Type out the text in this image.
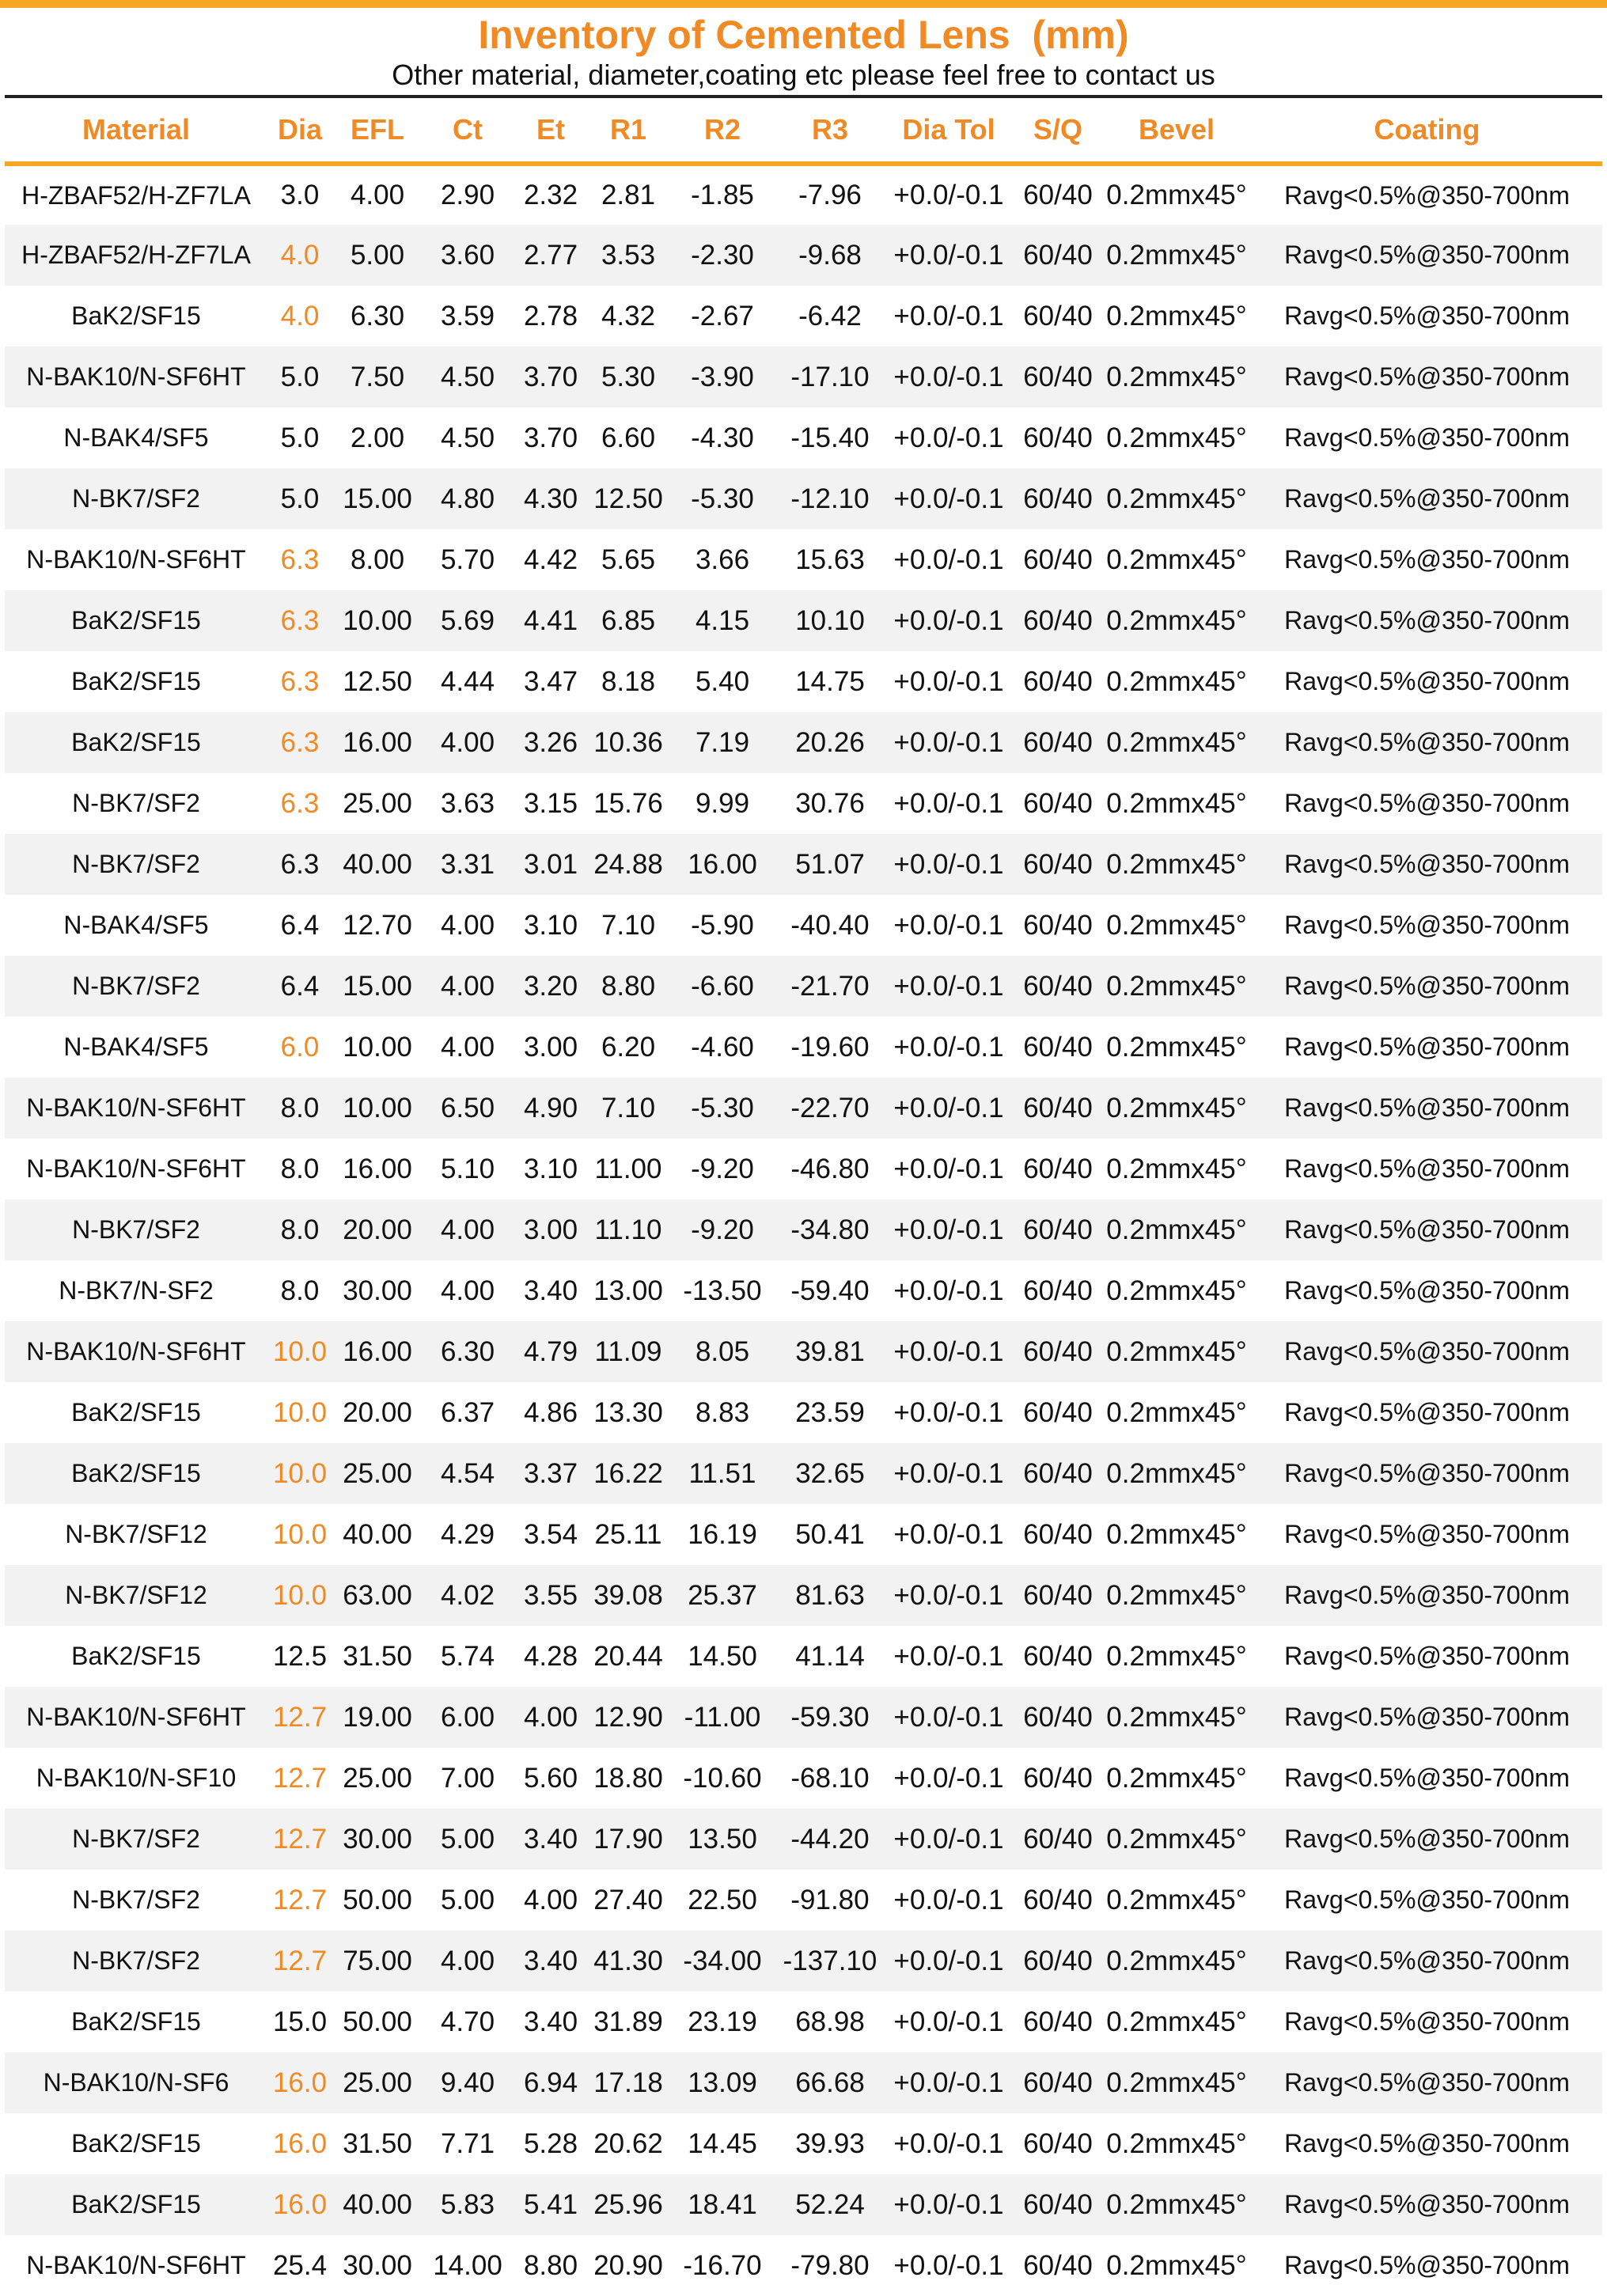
Inventory of Cemented Lens  (mm)
Other material, diameter,coating etc please feel free to contact us
Material	Dia	EFL	Ct	Et	R1	R2	R3	Dia Tol	S/Q	Bevel	Coating
H-ZBAF52/H-ZF7LA	3.0	4.00	2.90	2.32	2.81	-1.85	-7.96	+0.0/-0.1	60/40	0.2mmx45°	Ravg<0.5%@350-700nm
H-ZBAF52/H-ZF7LA	4.0	5.00	3.60	2.77	3.53	-2.30	-9.68	+0.0/-0.1	60/40	0.2mmx45°	Ravg<0.5%@350-700nm
BaK2/SF15	4.0	6.30	3.59	2.78	4.32	-2.67	-6.42	+0.0/-0.1	60/40	0.2mmx45°	Ravg<0.5%@350-700nm
N-BAK10/N-SF6HT	5.0	7.50	4.50	3.70	5.30	-3.90	-17.10	+0.0/-0.1	60/40	0.2mmx45°	Ravg<0.5%@350-700nm
N-BAK4/SF5	5.0	2.00	4.50	3.70	6.60	-4.30	-15.40	+0.0/-0.1	60/40	0.2mmx45°	Ravg<0.5%@350-700nm
N-BK7/SF2	5.0	15.00	4.80	4.30	12.50	-5.30	-12.10	+0.0/-0.1	60/40	0.2mmx45°	Ravg<0.5%@350-700nm
N-BAK10/N-SF6HT	6.3	8.00	5.70	4.42	5.65	3.66	15.63	+0.0/-0.1	60/40	0.2mmx45°	Ravg<0.5%@350-700nm
BaK2/SF15	6.3	10.00	5.69	4.41	6.85	4.15	10.10	+0.0/-0.1	60/40	0.2mmx45°	Ravg<0.5%@350-700nm
BaK2/SF15	6.3	12.50	4.44	3.47	8.18	5.40	14.75	+0.0/-0.1	60/40	0.2mmx45°	Ravg<0.5%@350-700nm
BaK2/SF15	6.3	16.00	4.00	3.26	10.36	7.19	20.26	+0.0/-0.1	60/40	0.2mmx45°	Ravg<0.5%@350-700nm
N-BK7/SF2	6.3	25.00	3.63	3.15	15.76	9.99	30.76	+0.0/-0.1	60/40	0.2mmx45°	Ravg<0.5%@350-700nm
N-BK7/SF2	6.3	40.00	3.31	3.01	24.88	16.00	51.07	+0.0/-0.1	60/40	0.2mmx45°	Ravg<0.5%@350-700nm
N-BAK4/SF5	6.4	12.70	4.00	3.10	7.10	-5.90	-40.40	+0.0/-0.1	60/40	0.2mmx45°	Ravg<0.5%@350-700nm
N-BK7/SF2	6.4	15.00	4.00	3.20	8.80	-6.60	-21.70	+0.0/-0.1	60/40	0.2mmx45°	Ravg<0.5%@350-700nm
N-BAK4/SF5	6.0	10.00	4.00	3.00	6.20	-4.60	-19.60	+0.0/-0.1	60/40	0.2mmx45°	Ravg<0.5%@350-700nm
N-BAK10/N-SF6HT	8.0	10.00	6.50	4.90	7.10	-5.30	-22.70	+0.0/-0.1	60/40	0.2mmx45°	Ravg<0.5%@350-700nm
N-BAK10/N-SF6HT	8.0	16.00	5.10	3.10	11.00	-9.20	-46.80	+0.0/-0.1	60/40	0.2mmx45°	Ravg<0.5%@350-700nm
N-BK7/SF2	8.0	20.00	4.00	3.00	11.10	-9.20	-34.80	+0.0/-0.1	60/40	0.2mmx45°	Ravg<0.5%@350-700nm
N-BK7/N-SF2	8.0	30.00	4.00	3.40	13.00	-13.50	-59.40	+0.0/-0.1	60/40	0.2mmx45°	Ravg<0.5%@350-700nm
N-BAK10/N-SF6HT	10.0	16.00	6.30	4.79	11.09	8.05	39.81	+0.0/-0.1	60/40	0.2mmx45°	Ravg<0.5%@350-700nm
BaK2/SF15	10.0	20.00	6.37	4.86	13.30	8.83	23.59	+0.0/-0.1	60/40	0.2mmx45°	Ravg<0.5%@350-700nm
BaK2/SF15	10.0	25.00	4.54	3.37	16.22	11.51	32.65	+0.0/-0.1	60/40	0.2mmx45°	Ravg<0.5%@350-700nm
N-BK7/SF12	10.0	40.00	4.29	3.54	25.11	16.19	50.41	+0.0/-0.1	60/40	0.2mmx45°	Ravg<0.5%@350-700nm
N-BK7/SF12	10.0	63.00	4.02	3.55	39.08	25.37	81.63	+0.0/-0.1	60/40	0.2mmx45°	Ravg<0.5%@350-700nm
BaK2/SF15	12.5	31.50	5.74	4.28	20.44	14.50	41.14	+0.0/-0.1	60/40	0.2mmx45°	Ravg<0.5%@350-700nm
N-BAK10/N-SF6HT	12.7	19.00	6.00	4.00	12.90	-11.00	-59.30	+0.0/-0.1	60/40	0.2mmx45°	Ravg<0.5%@350-700nm
N-BAK10/N-SF10	12.7	25.00	7.00	5.60	18.80	-10.60	-68.10	+0.0/-0.1	60/40	0.2mmx45°	Ravg<0.5%@350-700nm
N-BK7/SF2	12.7	30.00	5.00	3.40	17.90	13.50	-44.20	+0.0/-0.1	60/40	0.2mmx45°	Ravg<0.5%@350-700nm
N-BK7/SF2	12.7	50.00	5.00	4.00	27.40	22.50	-91.80	+0.0/-0.1	60/40	0.2mmx45°	Ravg<0.5%@350-700nm
N-BK7/SF2	12.7	75.00	4.00	3.40	41.30	-34.00	-137.10	+0.0/-0.1	60/40	0.2mmx45°	Ravg<0.5%@350-700nm
BaK2/SF15	15.0	50.00	4.70	3.40	31.89	23.19	68.98	+0.0/-0.1	60/40	0.2mmx45°	Ravg<0.5%@350-700nm
N-BAK10/N-SF6	16.0	25.00	9.40	6.94	17.18	13.09	66.68	+0.0/-0.1	60/40	0.2mmx45°	Ravg<0.5%@350-700nm
BaK2/SF15	16.0	31.50	7.71	5.28	20.62	14.45	39.93	+0.0/-0.1	60/40	0.2mmx45°	Ravg<0.5%@350-700nm
BaK2/SF15	16.0	40.00	5.83	5.41	25.96	18.41	52.24	+0.0/-0.1	60/40	0.2mmx45°	Ravg<0.5%@350-700nm
N-BAK10/N-SF6HT	25.4	30.00	14.00	8.80	20.90	-16.70	-79.80	+0.0/-0.1	60/40	0.2mmx45°	Ravg<0.5%@350-700nm
